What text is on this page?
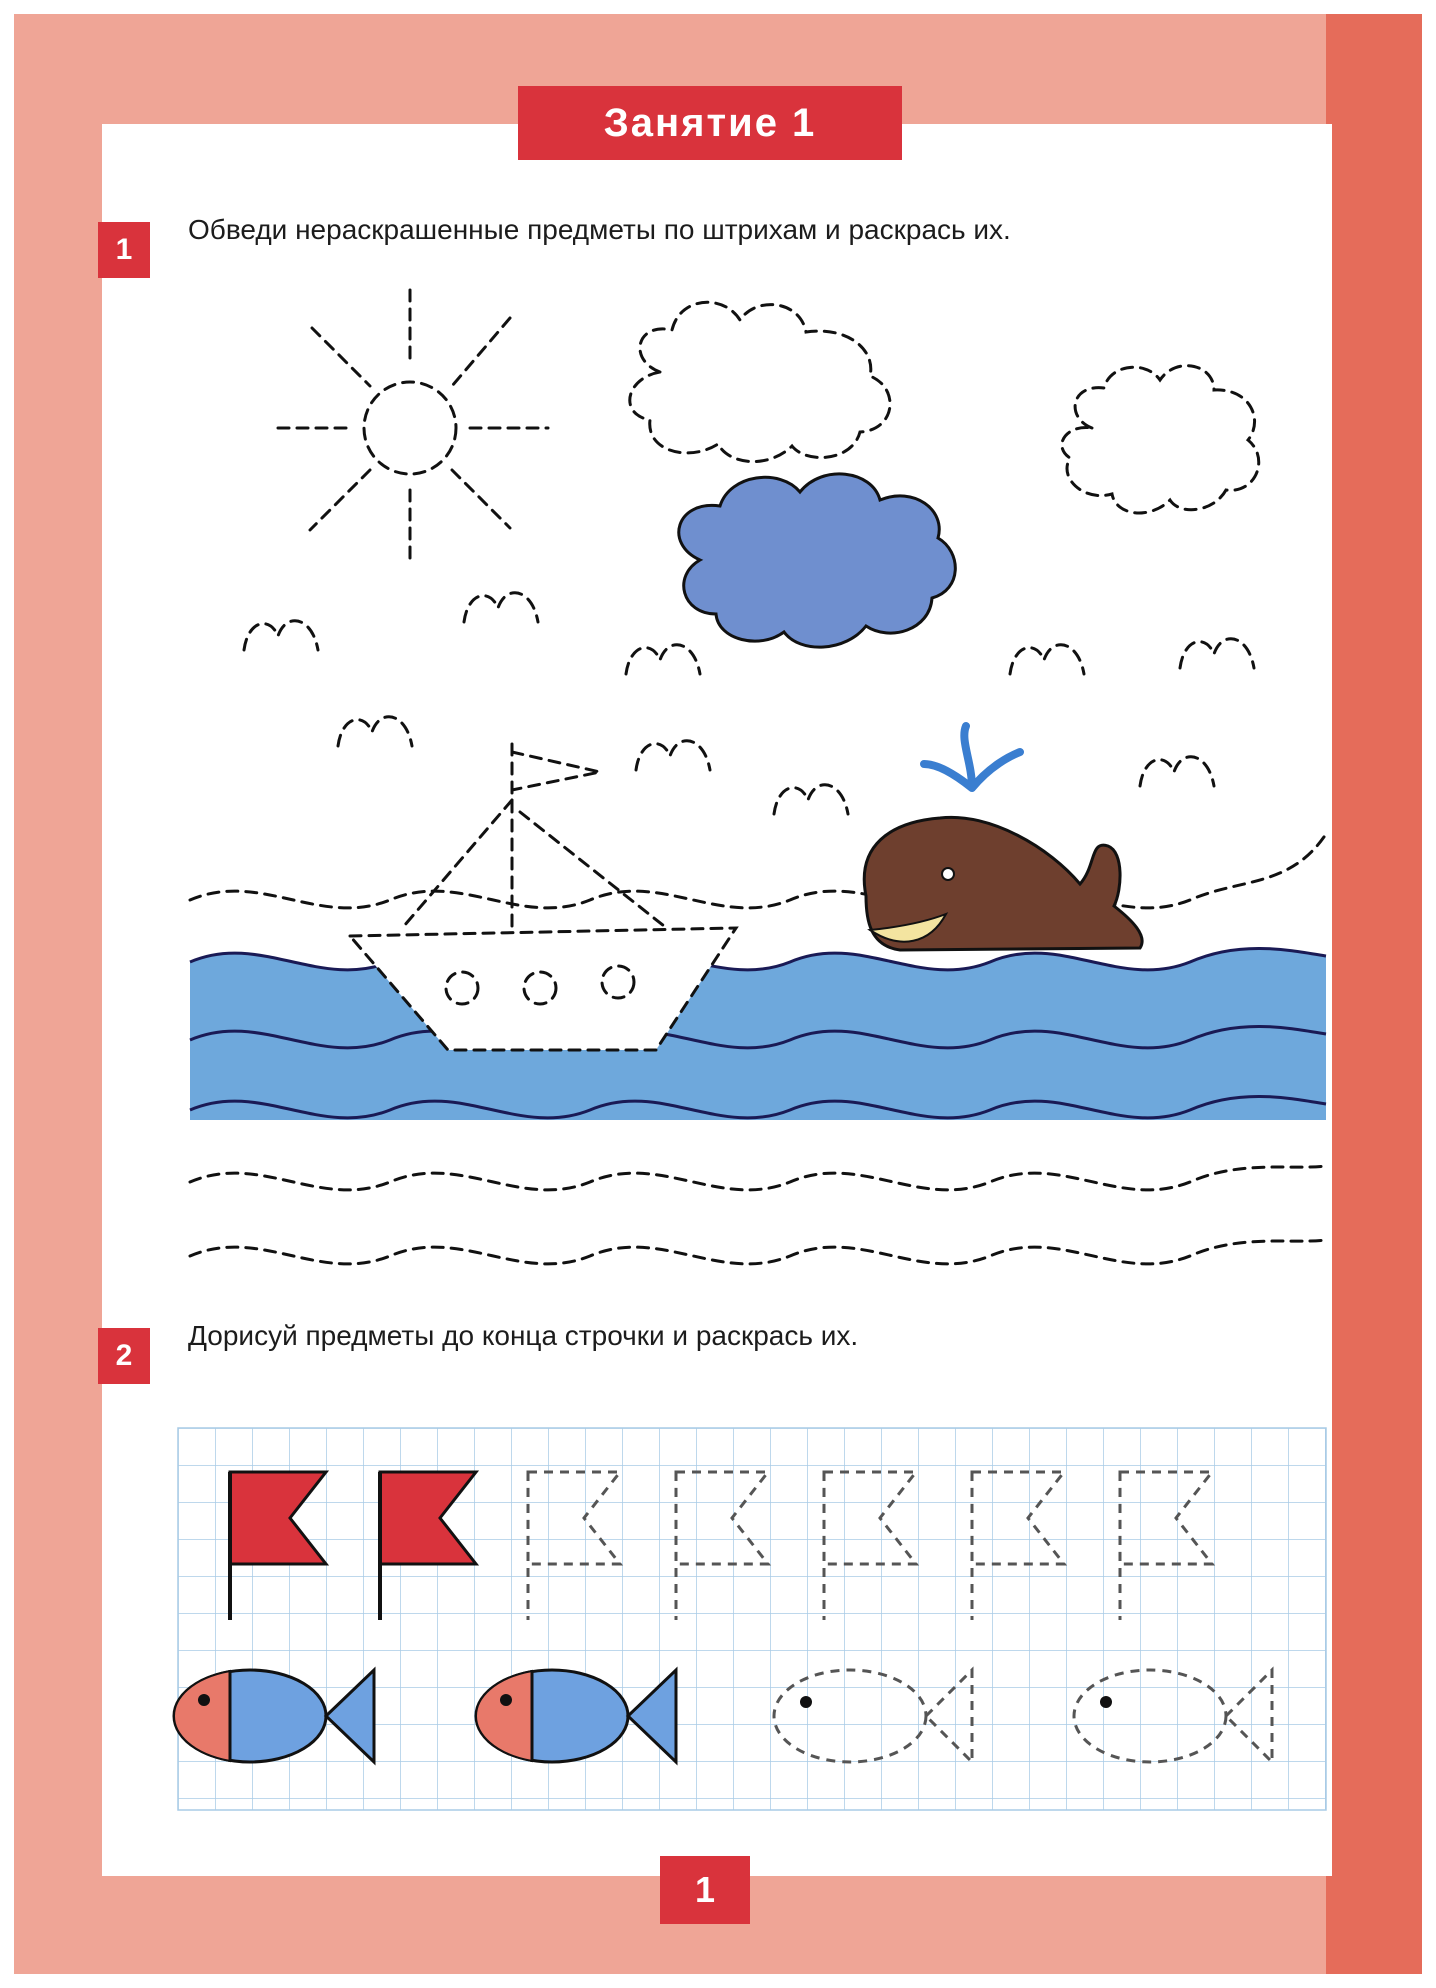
Занятие 1
1
Обведи нераскрашенные предметы по штрихам и раскрась их.
2
Дорисуй предметы до конца строчки и раскрась их.
1
